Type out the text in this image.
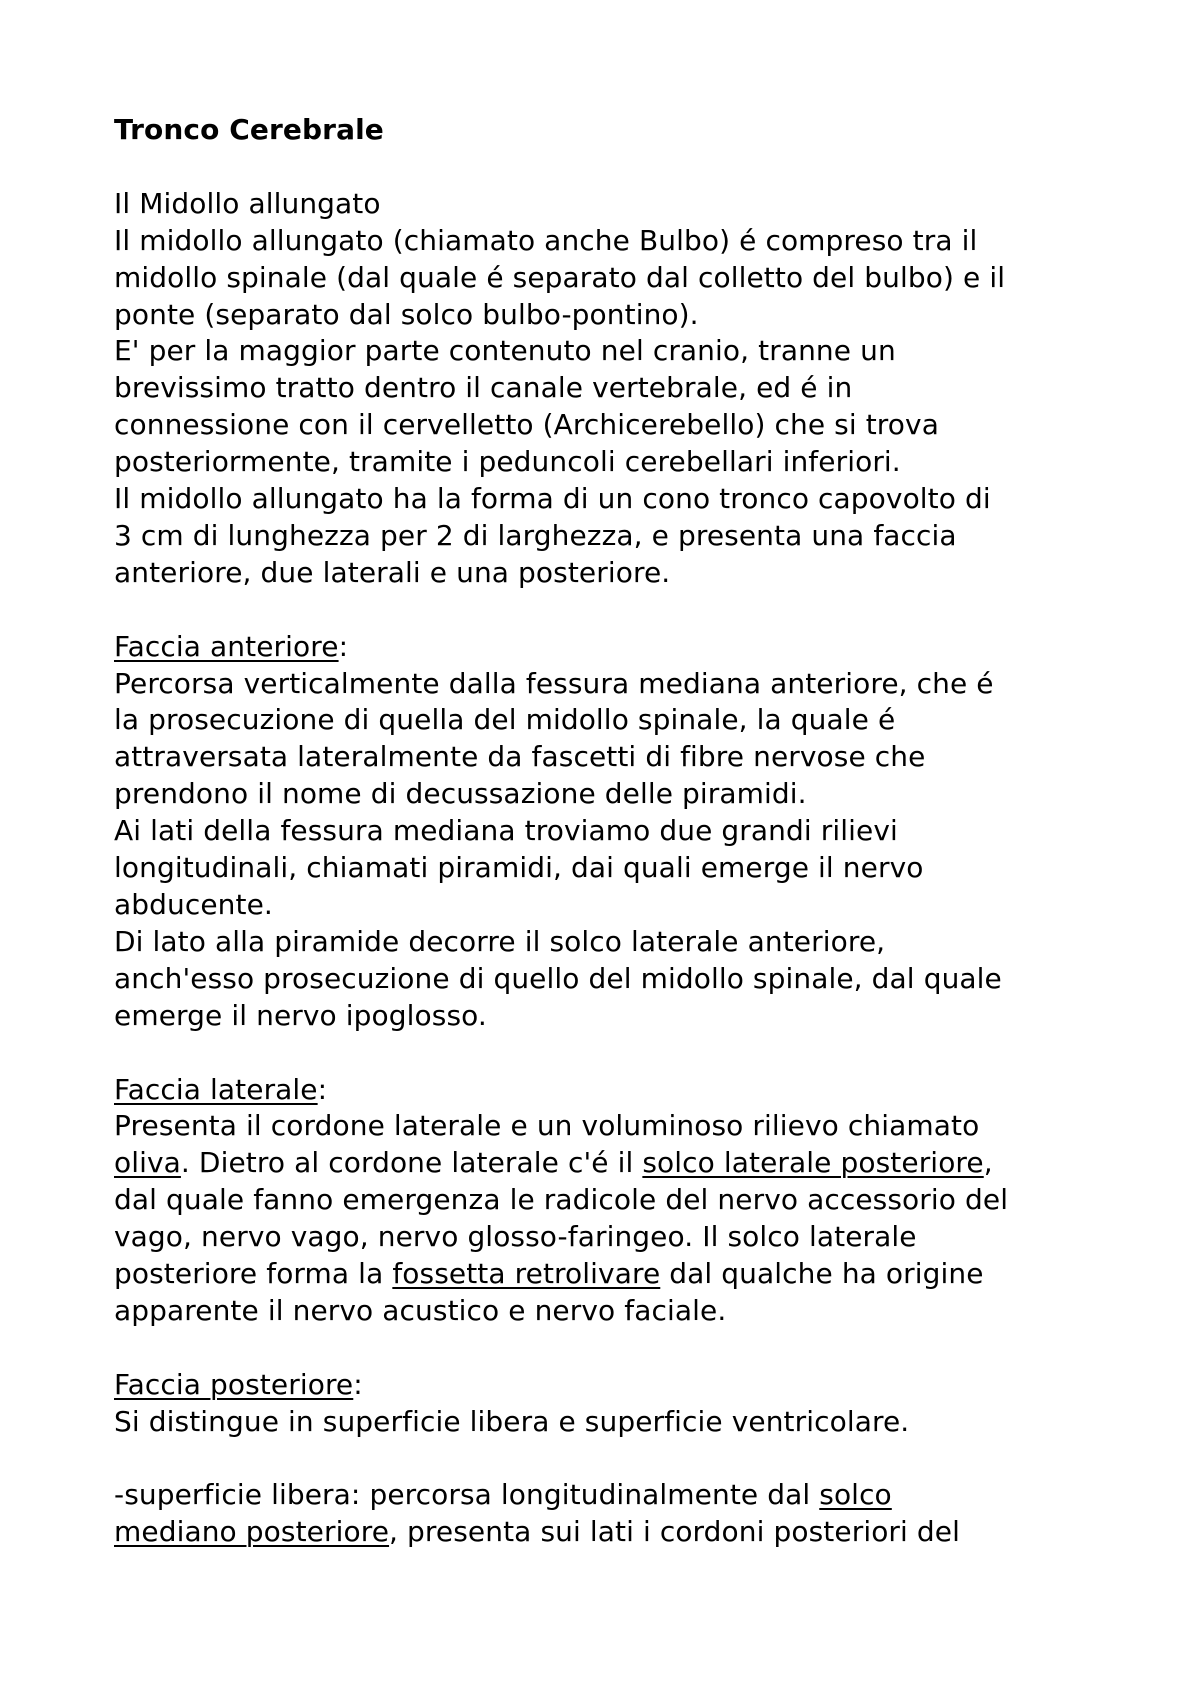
Tronco Cerebrale

Il Midollo allungato

Il midollo allungato (chiamato anche Bulbo) é compreso tra il

midollo spinale (dal quale é separato dal colletto del bulbo) e il

ponte (separato dal solco bulbo-pontino).

E' per la maggior parte contenuto nel cranio, tranne un

brevissimo tratto dentro il canale vertebrale, ed é in

connessione con il cervelletto (Archicerebello) che si trova

posteriormente, tramite i peduncoli cerebellari inferiori.

Il midollo allungato ha la forma di un cono tronco capovolto di

3 cm di lunghezza per 2 di larghezza, e presenta una faccia

anteriore, due laterali e una posteriore.

Faccia anteriore:

Percorsa verticalmente dalla fessura mediana anteriore, che é

la prosecuzione di quella del midollo spinale, la quale é

attraversata lateralmente da fascetti di fibre nervose che

prendono il nome di decussazione delle piramidi.

Ai lati della fessura mediana troviamo due grandi rilievi

longitudinali, chiamati piramidi, dai quali emerge il nervo

abducente.

Di lato alla piramide decorre il solco laterale anteriore,

anch'esso prosecuzione di quello del midollo spinale, dal quale

emerge il nervo ipoglosso.

Faccia laterale:

Presenta il cordone laterale e un voluminoso rilievo chiamato

oliva. Dietro al cordone laterale c'é il solco laterale posteriore,

dal quale fanno emergenza le radicole del nervo accessorio del

vago, nervo vago, nervo glosso-faringeo. Il solco laterale

posteriore forma la fossetta retrolivare dal qualche ha origine

apparente il nervo acustico e nervo faciale.

Faccia posteriore:

Si distingue in superficie libera e superficie ventricolare.

-superficie libera: percorsa longitudinalmente dal solco

mediano posteriore, presenta sui lati i cordoni posteriori del
